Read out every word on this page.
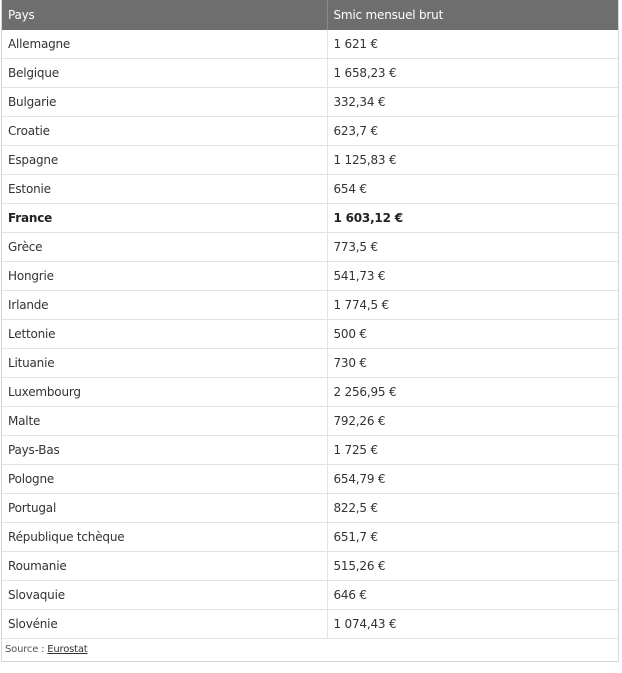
Pays	Smic mensuel brut
Allemagne	1 621 €
Belgique	1 658,23 €
Bulgarie	332,34 €
Croatie	623,7 €
Espagne	1 125,83 €
Estonie	654 €
France	1 603,12 €
Grèce	773,5 €
Hongrie	541,73 €
Irlande	1 774,5 €
Lettonie	500 €
Lituanie	730 €
Luxembourg	2 256,95 €
Malte	792,26 €
Pays-Bas	1 725 €
Pologne	654,79 €
Portugal	822,5 €
République tchèque	651,7 €
Roumanie	515,26 €
Slovaquie	646 €
Slovénie	1 074,43 €
Source : Eurostat
